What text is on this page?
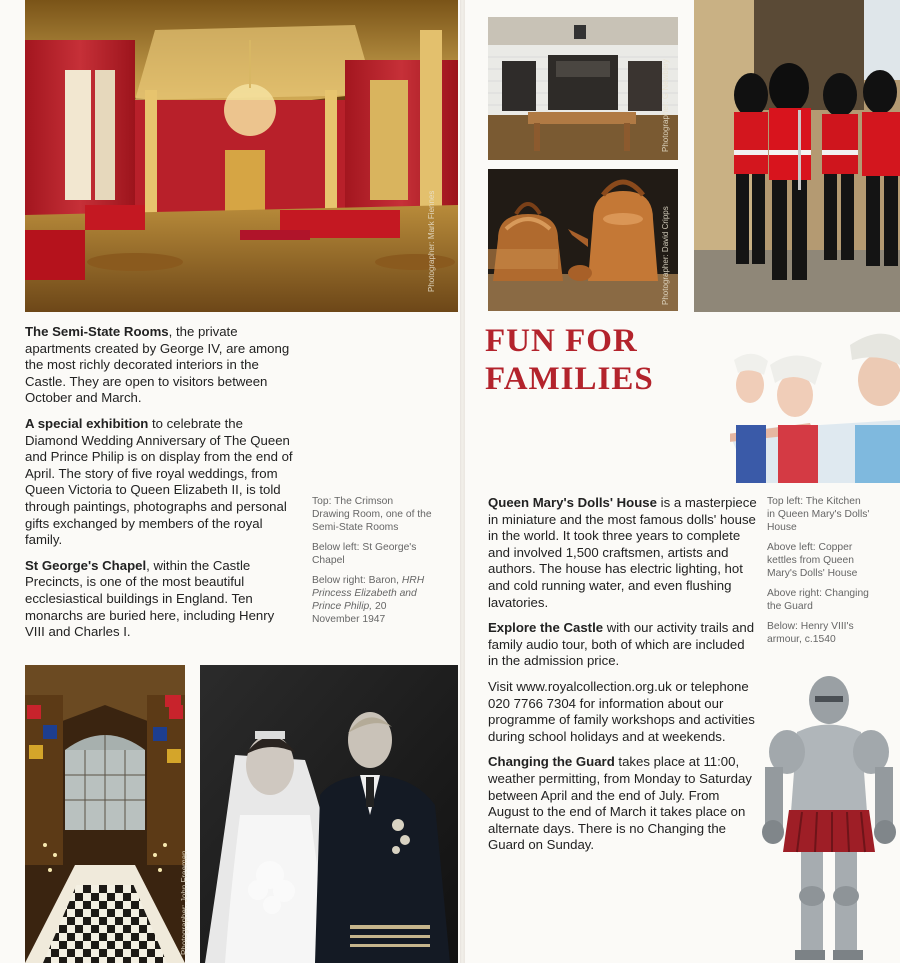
Photographer: Mark Fiennes

The Semi-State Rooms, the private apartments created by George IV, are among the most richly decorated interiors in the Castle. They are open to visitors between October and March.

A special exhibition to celebrate the Diamond Wedding Anniversary of The Queen and Prince Philip is on display from the end of April. The story of five royal weddings, from Queen Victoria to Queen Elizabeth II, is told through paintings, photographs and personal gifts exchanged by members of the royal family.

St George's Chapel, within the Castle Precincts, is one of the most beautiful ecclesiastical buildings in England. Ten monarchs are buried here, including Henry VIII and Charles I.

Top: The Crimson Drawing Room, one of the Semi-State Rooms

Below left: St George's Chapel

Below right: Baron, HRH Princess Elizabeth and Prince Philip, 20 November 1947

Photographer: John Freeman
Photographer: G Newbery
Photographer: David Cripps
FUN FOR
FAMILIES

Top left: The Kitchen in Queen Mary's Dolls' House

Above left: Copper kettles from Queen Mary's Dolls' House

Above right: Changing the Guard

Below: Henry VIII's armour, c.1540

Queen Mary's Dolls' House is a masterpiece in miniature and the most famous dolls' house in the world. It took three years to complete and involved 1,500 craftsmen, artists and authors. The house has electric lighting, hot and cold running water, and even flushing lavatories.

Explore the Castle with our activity trails and family audio tour, both of which are included in the admission price.

Visit www.royalcollection.org.uk or telephone 020 7766 7304 for information about our programme of family workshops and activities during school holidays and at weekends.

Changing the Guard takes place at 11:00, weather permitting, from Monday to Saturday between April and the end of July. From August to the end of March it takes place on alternate days. There is no Changing the Guard on Sunday.
